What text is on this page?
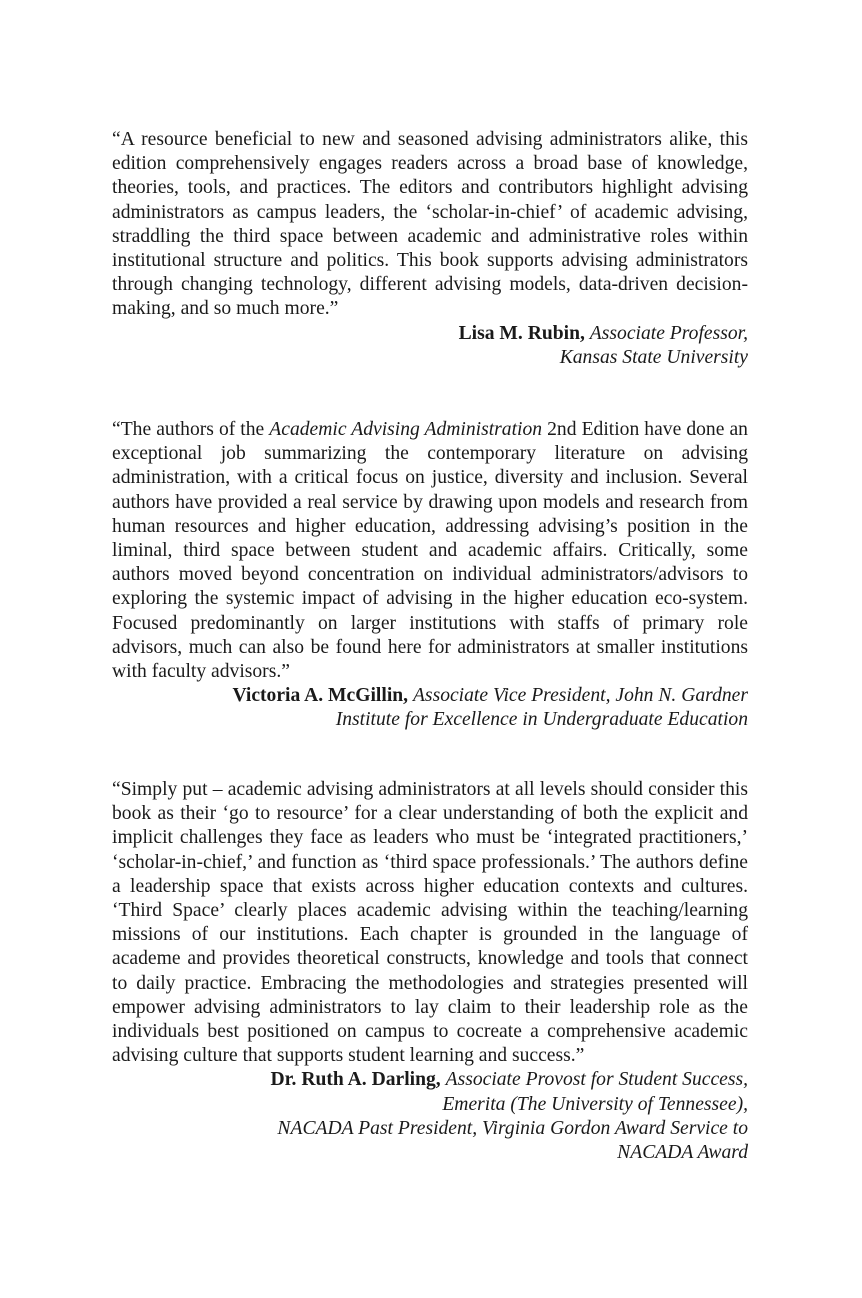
“A resource beneficial to new and seasoned advising administrators alike, this edition comprehensively engages readers across a broad base of knowledge, theories, tools, and practices. The editors and contributors highlight advising administrators as campus leaders, the ‘scholar-in-chief’ of academic advising, straddling the third space between academic and administrative roles within institutional structure and politics. This book supports advising administrators through changing technology, different advising models, data-driven decision-making, and so much more.”

Lisa M. Rubin, Associate Professor,
Kansas State University

“The authors of the Academic Advising Administration 2nd Edition have done an exceptional job summarizing the contemporary literature on advising administration, with a critical focus on justice, diversity and inclusion. Several authors have provided a real service by drawing upon models and research from human resources and higher education, addressing advising’s position in the liminal, third space between student and academic affairs. Critically, some authors moved beyond concentration on individual administrators/advisors to exploring the systemic impact of advising in the higher education eco-system. Focused predominantly on larger institutions with staffs of primary role advisors, much can also be found here for administrators at smaller institutions with faculty advisors.”

Victoria A. McGillin, Associate Vice President, John N. Gardner
Institute for Excellence in Undergraduate Education

“Simply put – academic advising administrators at all levels should consider this book as their ‘go to resource’ for a clear understanding of both the explicit and implicit challenges they face as leaders who must be ‘integrated practitioners,’ ‘scholar-in-chief,’ and function as ‘third space professionals.’ The authors define a leadership space that exists across higher education contexts and cultures. ‘Third Space’ clearly places academic advising within the teaching/learning missions of our institutions. Each chapter is grounded in the language of academe and provides theoretical constructs, knowledge and tools that connect to daily practice. Embracing the methodologies and strategies presented will empower advising administrators to lay claim to their leadership role as the individuals best positioned on campus to cocreate a comprehensive academic advising culture that supports student learning and success.”

Dr. Ruth A. Darling, Associate Provost for Student Success,
Emerita (The University of Tennessee),
NACADA Past President, Virginia Gordon Award Service to
NACADA Award
